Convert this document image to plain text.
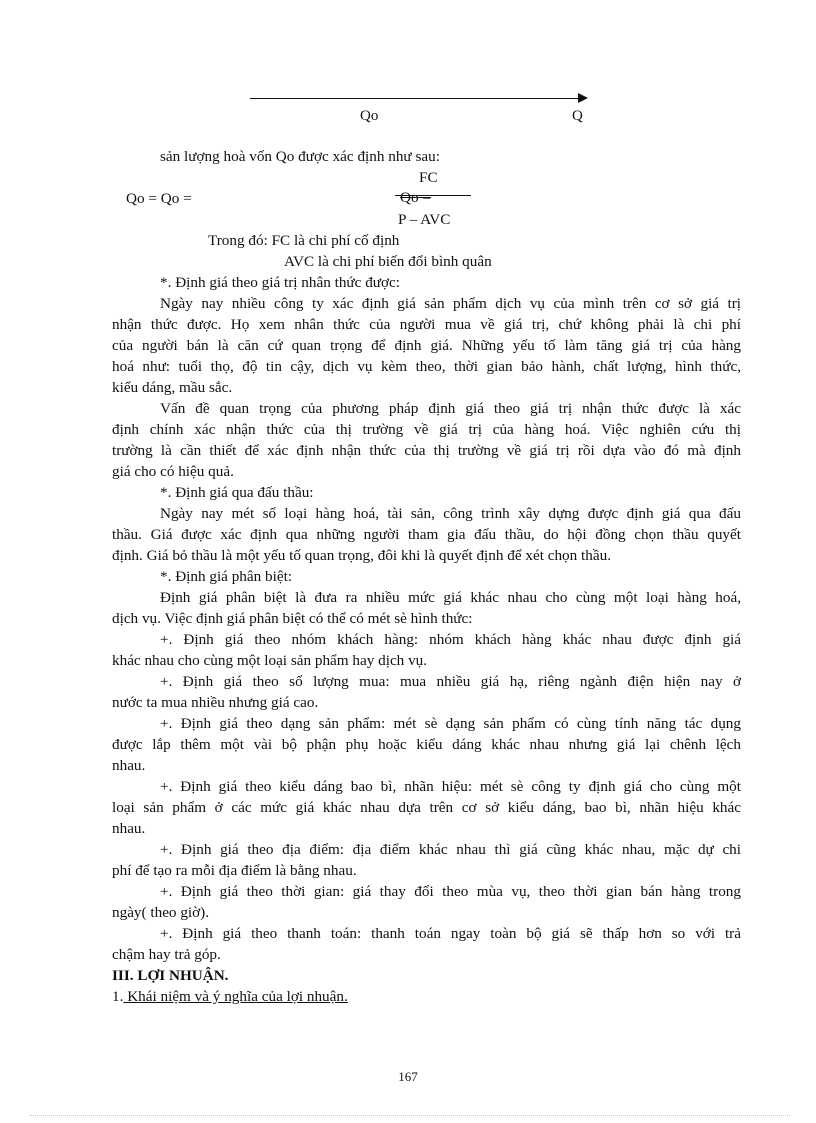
Qo	Q
sản lượng hoà vốn Qo được xác định như sau:
FC
Qo = Qo =	Qo =
P – AVC
Trong đó: FC là chi phí cố định
AVC là chi phí biến đổi bình quân
*. Định giá theo giá trị nhân thức được:
Ngày nay nhiều công ty xác định giá sản phẩm dịch vụ của mình trên cơ sở giá trị
nhận thức được. Họ xem nhân thức của người mua về giá trị, chứ không phải là chi phí
của người bán là căn cứ quan trọng để định giá. Những yếu tố làm tăng giá trị của hàng
hoá như: tuổi thọ, độ tin cậy, dịch vụ kèm theo, thời gian bảo hành, chất lượng, hình thức,
kiểu dáng, mầu sắc.
Vấn đề quan trọng của phương pháp định giá theo giá trị nhận thức được là xác
định chính xác nhận thức của thị trường về giá trị của hàng hoá. Việc nghiên cứu thị
trường là cần thiết để xác định nhận thức của thị trường về giá trị rồi dựa vào đó mà định
giá cho có hiệu quả.
*. Định giá qua đấu thầu:
Ngày nay mét số loại hàng hoá, tài sản, công trình xây dựng được định giá qua đấu
thầu. Giá được xác định qua những người tham gia đấu thầu, do hội đồng chọn thầu quyết
định. Giá bỏ thầu là một yếu tố quan trọng, đôi khi là quyết định để xét chọn thầu.
*. Định giá phân biệt:
Định giá phân biệt là đưa ra nhiều mức giá khác nhau cho cùng một loại hàng hoá,
dịch vụ. Việc định giá phân biệt có thể có mét sè hình thức:
+. Định giá theo nhóm khách hàng: nhóm khách hàng khác nhau được định giá
khác nhau cho cùng một loại sản phẩm hay dịch vụ.
+. Định giá theo số lượng mua: mua nhiều giá hạ, riêng ngành điện hiện nay ở
nước ta mua nhiều nhưng giá cao.
+. Định giá theo dạng sản phẩm: mét sè dạng sản phẩm có cùng tính năng tác dụng
được lắp thêm một vài bộ phận phụ hoặc kiểu dáng khác nhau nhưng giá lại chênh lệch
nhau.
+. Định giá theo kiểu dáng bao bì, nhãn hiệu: mét sè công ty định giá cho cùng một
loại sản phẩm ở các mức giá khác nhau dựa trên cơ sở kiểu dáng, bao bì, nhãn hiệu khác
nhau.
+. Định giá theo địa điểm: địa điểm khác nhau thì giá cũng khác nhau, mặc dự chi
phí để tạo ra mỗi địa điểm là bằng nhau.
+. Định giá theo thời gian: giá thay đổi theo mùa vụ, theo thời gian bán hàng trong
ngày( theo giờ).
+. Định giá theo thanh toán: thanh toán ngay toàn bộ giá sẽ thấp hơn so với trả
chậm hay trả góp.
III. LỢI NHUẬN.
1. Khái niệm và ý nghĩa của lợi nhuận.
167
